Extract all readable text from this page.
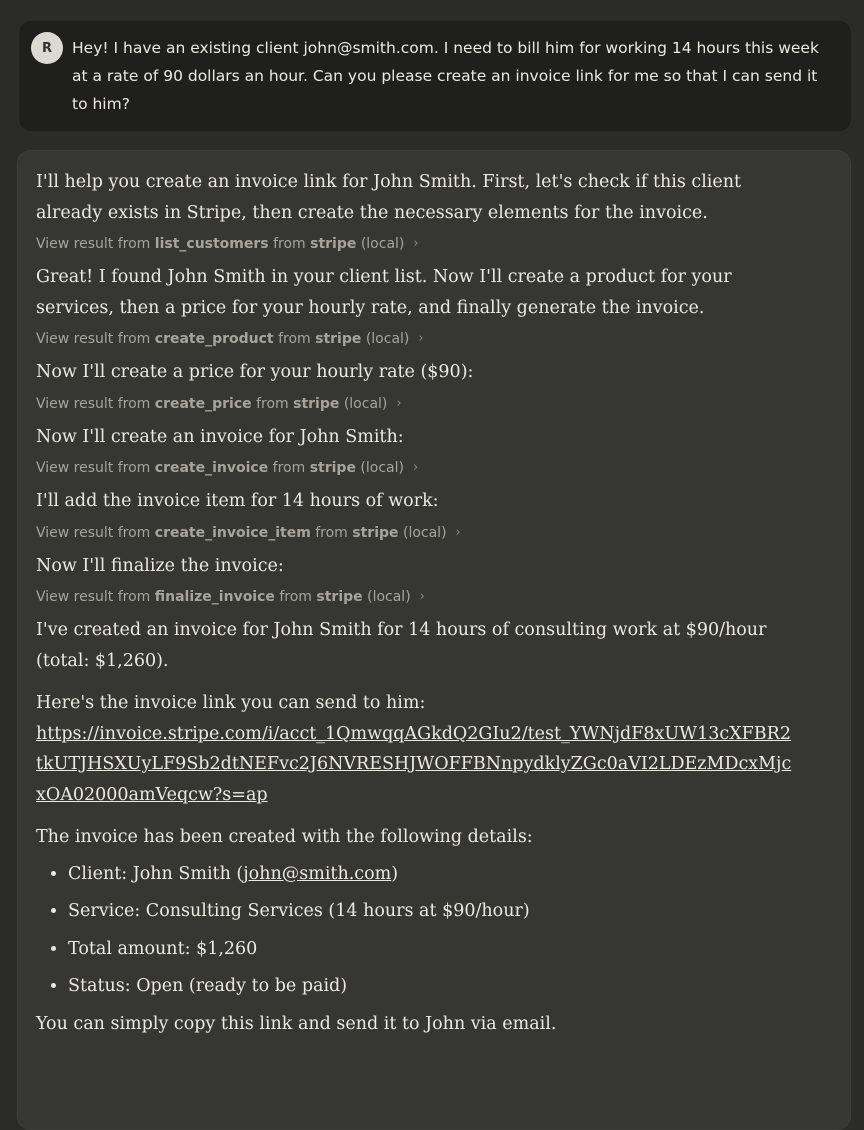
R	Hey! I have an existing client john@smith.com. I need to bill him for working 14 hours this week at a rate of 90 dollars an hour. Can you please create an invoice link for me so that I can send it to him?

I'll help you create an invoice link for John Smith. First, let's check if this client already exists in Stripe, then create the necessary elements for the invoice.

View result from
list_customers
from
stripe
(local) ›

Great! I found John Smith in your client list. Now I'll create a product for your services, then a price for your hourly rate, and finally generate the invoice.

View result from
create_product
from
stripe
(local) ›

Now I'll create a price for your hourly rate ($90):

View result from
create_price
from
stripe
(local) ›

Now I'll create an invoice for John Smith:

View result from
create_invoice
from
stripe
(local) ›

I'll add the invoice item for 14 hours of work:

View result from
create_invoice_item
from
stripe
(local) ›

Now I'll finalize the invoice:

View result from
finalize_invoice
from
stripe
(local) ›

I've created an invoice for John Smith for 14 hours of consulting work at $90/hour (total: $1,260).

Here's the invoice link you can send to him:

https://invoice.stripe.com/i/acct_1QmwqqAGkdQ2GIu2/test_YWNjdF8xUW13cXFBR2tkUTJHSXUyLF9Sb2dtNEFvc2J6NVRESHJWOFFBNnpydklyZGc0aVI2LDEzMDcxMjcxOA02000amVeqcw?s=ap

The invoice has been created with the following details:

• Client: John Smith (john@smith.com)
• Service: Consulting Services (14 hours at $90/hour)
• Total amount: $1,260
• Status: Open (ready to be paid)

You can simply copy this link and send it to John via email.
